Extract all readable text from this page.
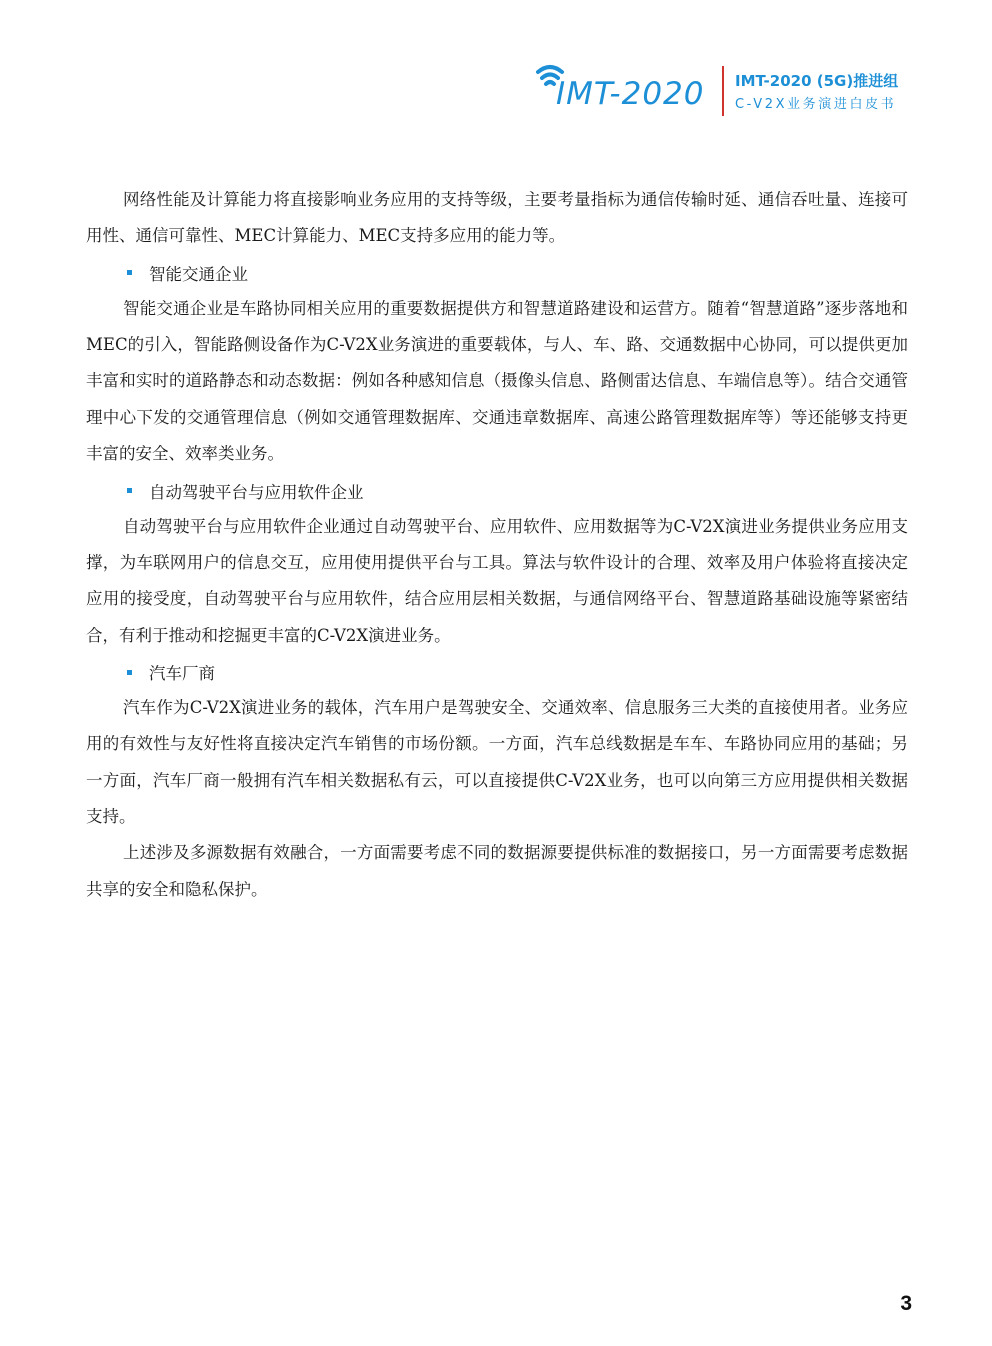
IMT-2020 IMT-2020 (5G)推进组
C-V2X业务演进白皮书

网络性能及计算能力将直接影响业务应用的支持等级，主要考量指标为通信传输时延、通信吞吐量、连接可用性、通信可靠性、MEC计算能力、MEC支持多应用的能力等。

智能交通企业

智能交通企业是车路协同相关应用的重要数据提供方和智慧道路建设和运营方。随着“智慧道路”逐步落地和MEC的引入，智能路侧设备作为C-V2X业务演进的重要载体，与人、车、路、交通数据中心协同，可以提供更加丰富和实时的道路静态和动态数据：例如各种感知信息（摄像头信息、路侧雷达信息、车端信息等）。结合交通管理中心下发的交通管理信息（例如交通管理数据库、交通违章数据库、高速公路管理数据库等）等还能够支持更丰富的安全、效率类业务。

自动驾驶平台与应用软件企业

自动驾驶平台与应用软件企业通过自动驾驶平台、应用软件、应用数据等为C-V2X演进业务提供业务应用支撑，为车联网用户的信息交互，应用使用提供平台与工具。算法与软件设计的合理、效率及用户体验将直接决定应用的接受度，自动驾驶平台与应用软件，结合应用层相关数据，与通信网络平台、智慧道路基础设施等紧密结合，有利于推动和挖掘更丰富的C-V2X演进业务。

汽车厂商

汽车作为C-V2X演进业务的载体，汽车用户是驾驶安全、交通效率、信息服务三大类的直接使用者。业务应用的有效性与友好性将直接决定汽车销售的市场份额。一方面，汽车总线数据是车车、车路协同应用的基础；另一方面，汽车厂商一般拥有汽车相关数据私有云，可以直接提供C-V2X业务，也可以向第三方应用提供相关数据支持。

上述涉及多源数据有效融合，一方面需要考虑不同的数据源要提供标准的数据接口，另一方面需要考虑数据共享的安全和隐私保护。

3
